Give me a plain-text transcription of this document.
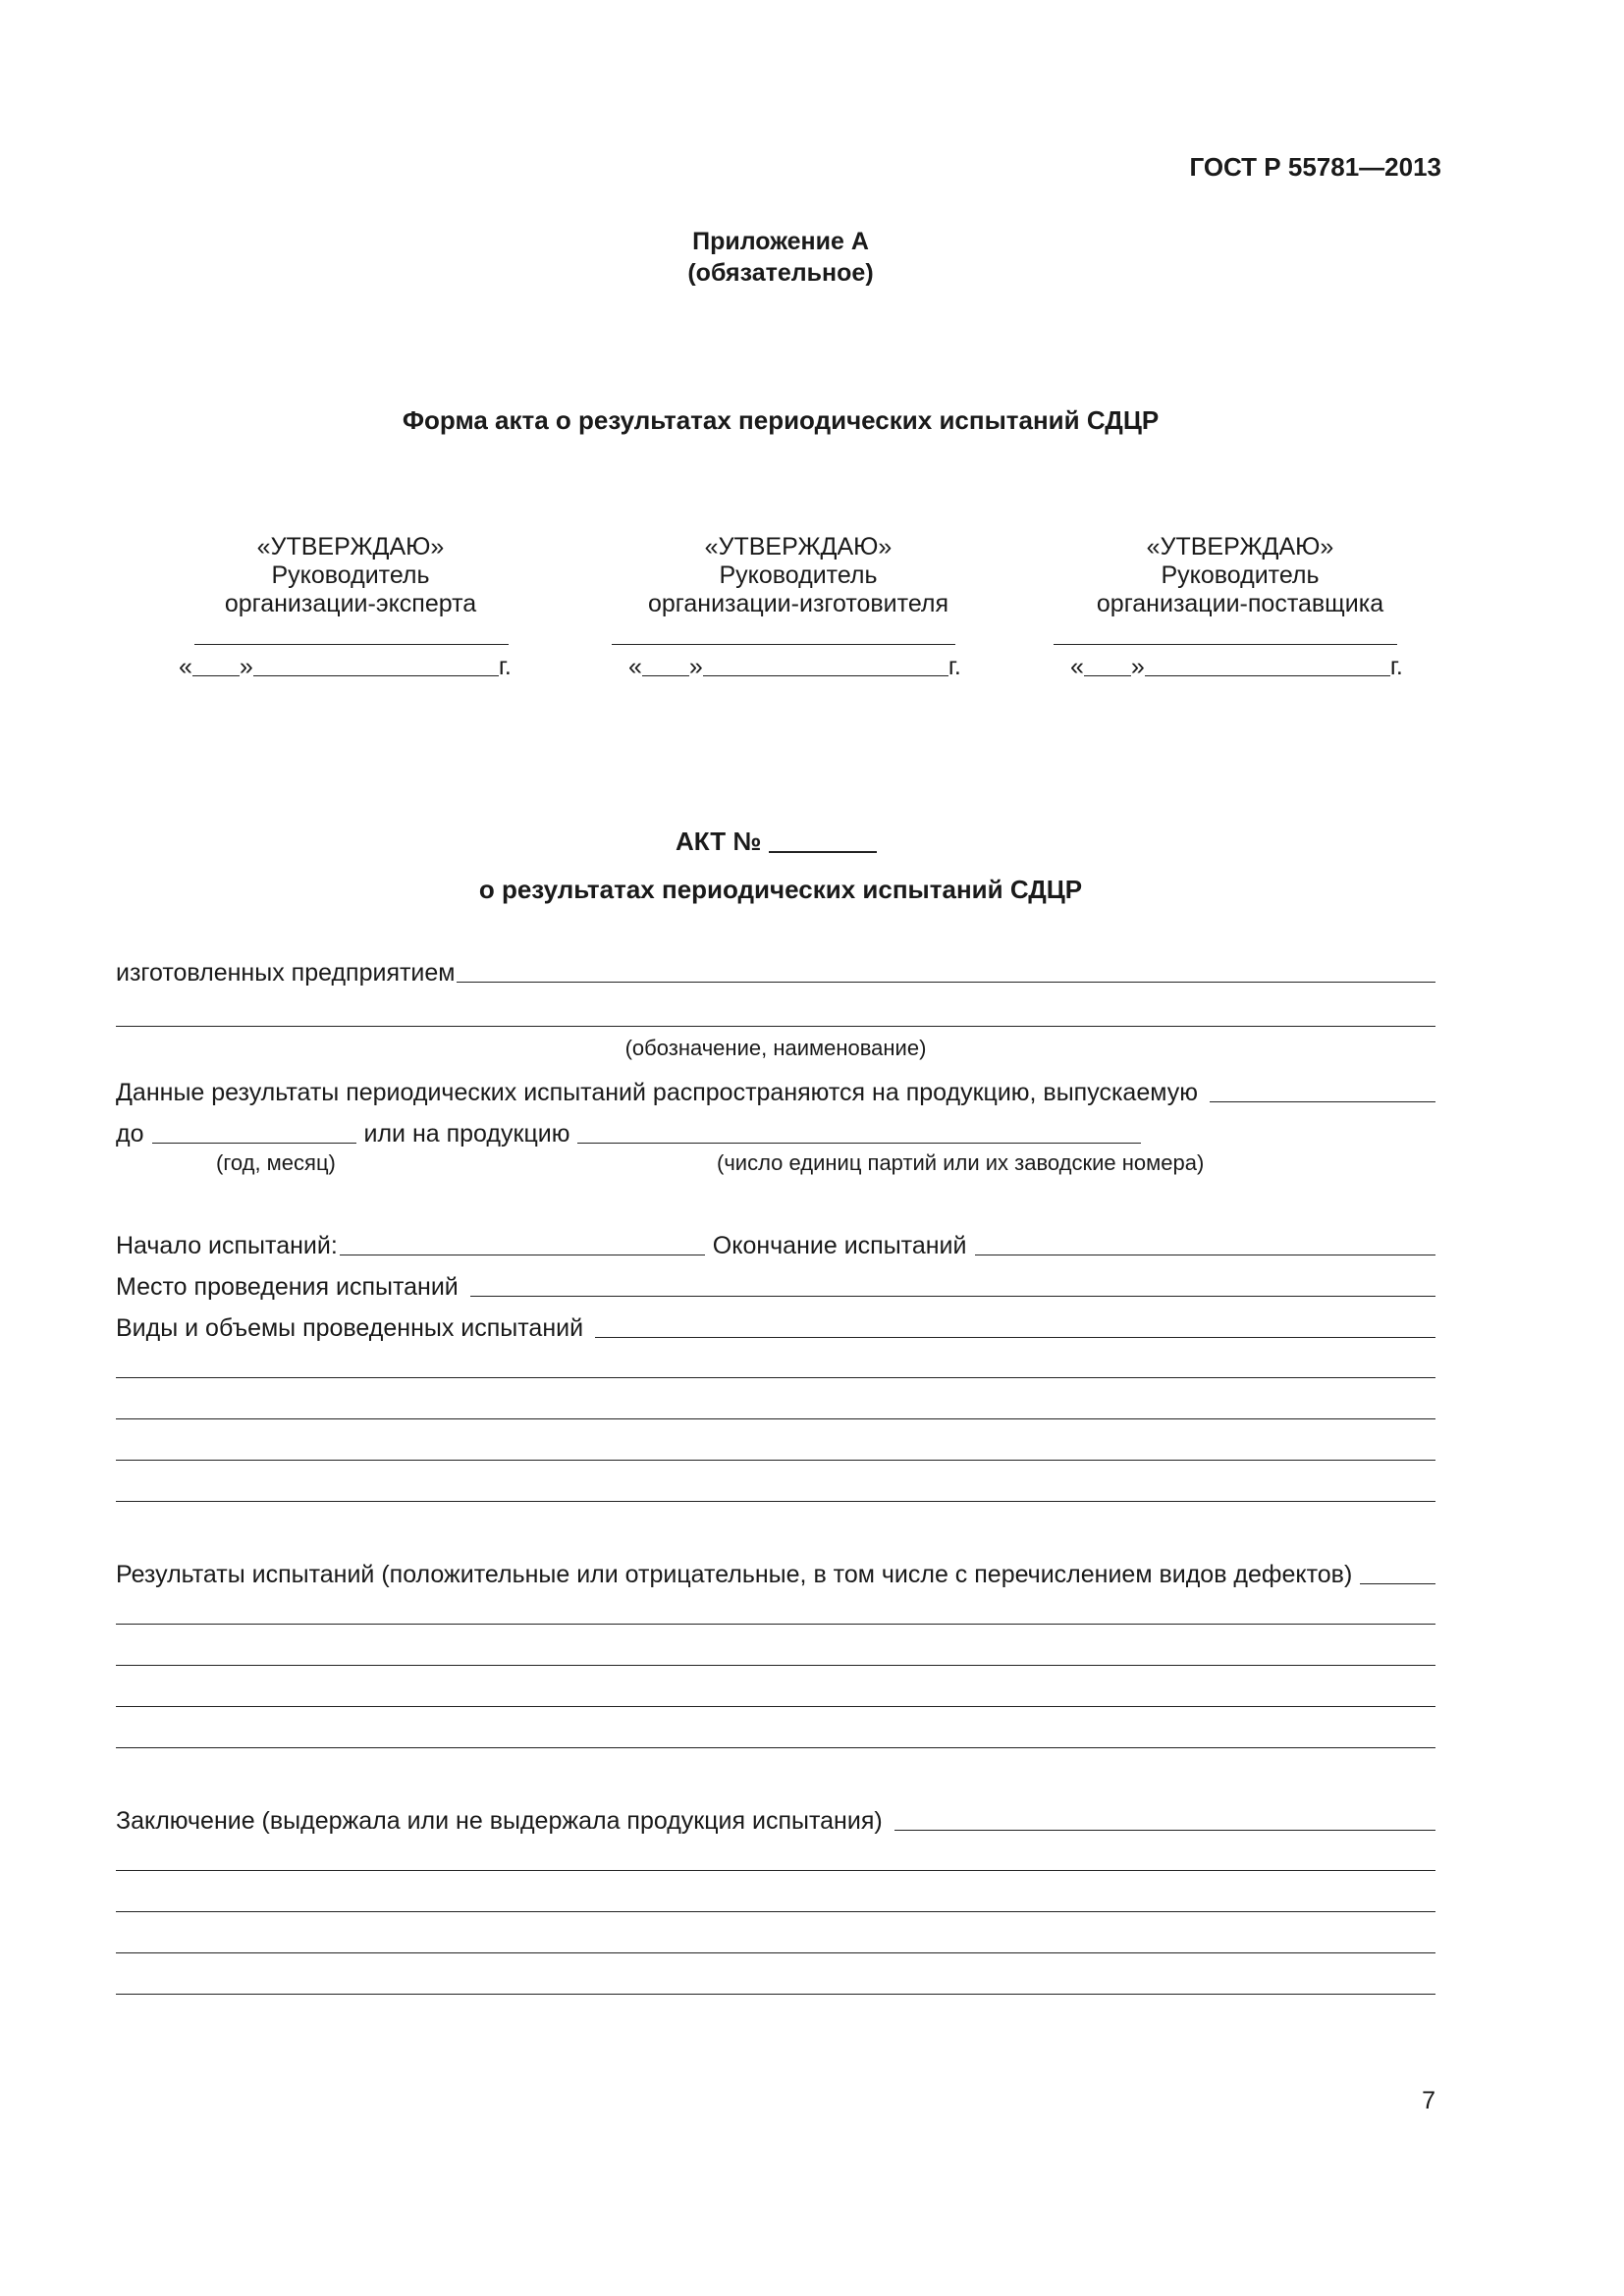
ГОСТ Р 55781—2013
Приложение А
(обязательное)
Форма акта о результатах периодических испытаний СДЦР
«УТВЕРЖДАЮ»
Руководитель
организации-эксперта
«УТВЕРЖДАЮ»
Руководитель
организации-изготовителя
«УТВЕРЖДАЮ»
Руководитель
организации-поставщика
« »	г.	« »	г.	« »	г.
АКТ №
о результатах периодических испытаний СДЦР
изготовленных предприятием
(обозначение, наименование)
Данные результаты периодических испытаний распространяются на продукцию, выпускаемую
до	или на продукцию
(год, месяц)	(число единиц партий или их заводские номера)
Начало испытаний:	Окончание испытаний
Место проведения испытаний
Виды и объемы проведенных испытаний
Результаты испытаний (положительные или отрицательные, в том числе с перечислением видов дефектов)
Заключение (выдержала или не выдержала продукция испытания)
7
